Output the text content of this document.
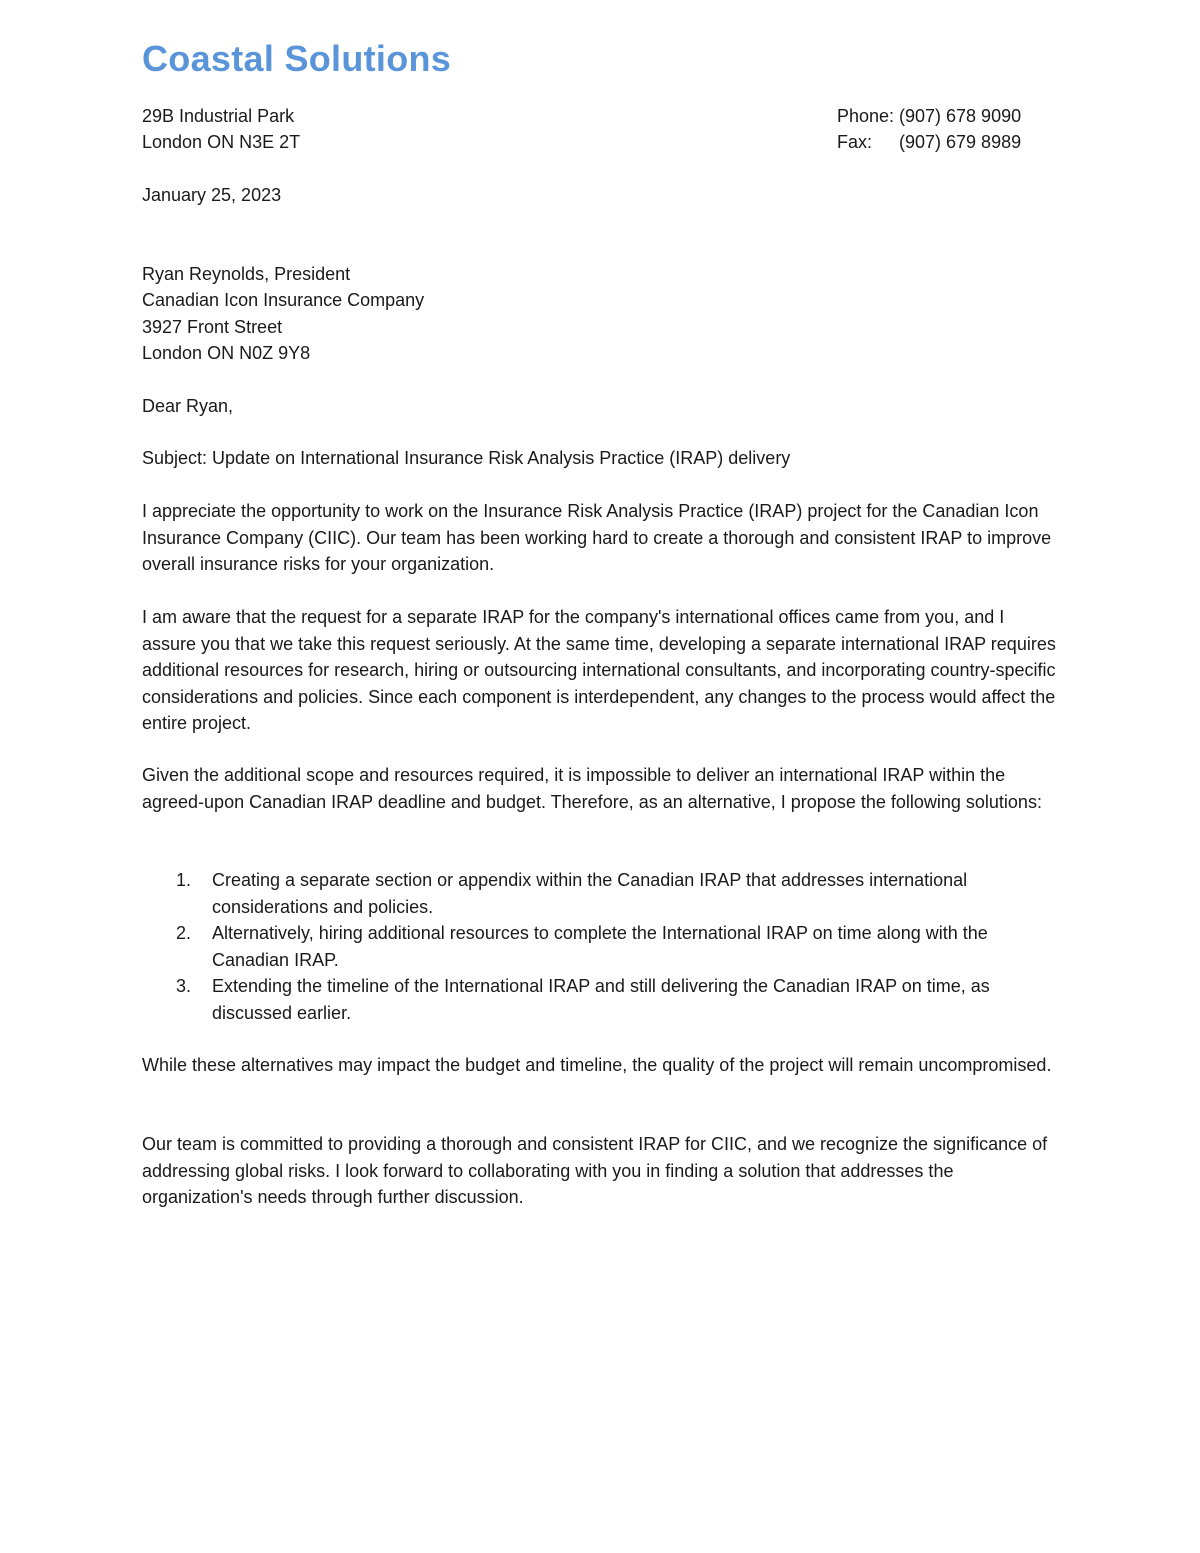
Coastal Solutions
29B Industrial Park
London ON N3E 2T
Phone: (907) 678 9090
Fax: (907) 679 8989
January 25, 2023
Ryan Reynolds, President
Canadian Icon Insurance Company
3927 Front Street
London ON N0Z 9Y8
Dear Ryan,
Subject: Update on International Insurance Risk Analysis Practice (IRAP) delivery
I appreciate the opportunity to work on the Insurance Risk Analysis Practice (IRAP) project for the Canadian Icon Insurance Company (CIIC). Our team has been working hard to create a thorough and consistent IRAP to improve overall insurance risks for your organization.
I am aware that the request for a separate IRAP for the company's international offices came from you, and I assure you that we take this request seriously. At the same time, developing a separate international IRAP requires additional resources for research, hiring or outsourcing international consultants, and incorporating country-specific considerations and policies. Since each component is interdependent, any changes to the process would affect the entire project.
Given the additional scope and resources required, it is impossible to deliver an international IRAP within the agreed-upon Canadian IRAP deadline and budget. Therefore, as an alternative, I propose the following solutions:
1. Creating a separate section or appendix within the Canadian IRAP that addresses international considerations and policies.
2. Alternatively, hiring additional resources to complete the International IRAP on time along with the Canadian IRAP.
3. Extending the timeline of the International IRAP and still delivering the Canadian IRAP on time, as discussed earlier.
While these alternatives may impact the budget and timeline, the quality of the project will remain uncompromised.
Our team is committed to providing a thorough and consistent IRAP for CIIC, and we recognize the significance of addressing global risks. I look forward to collaborating with you in finding a solution that addresses the organization's needs through further discussion.
